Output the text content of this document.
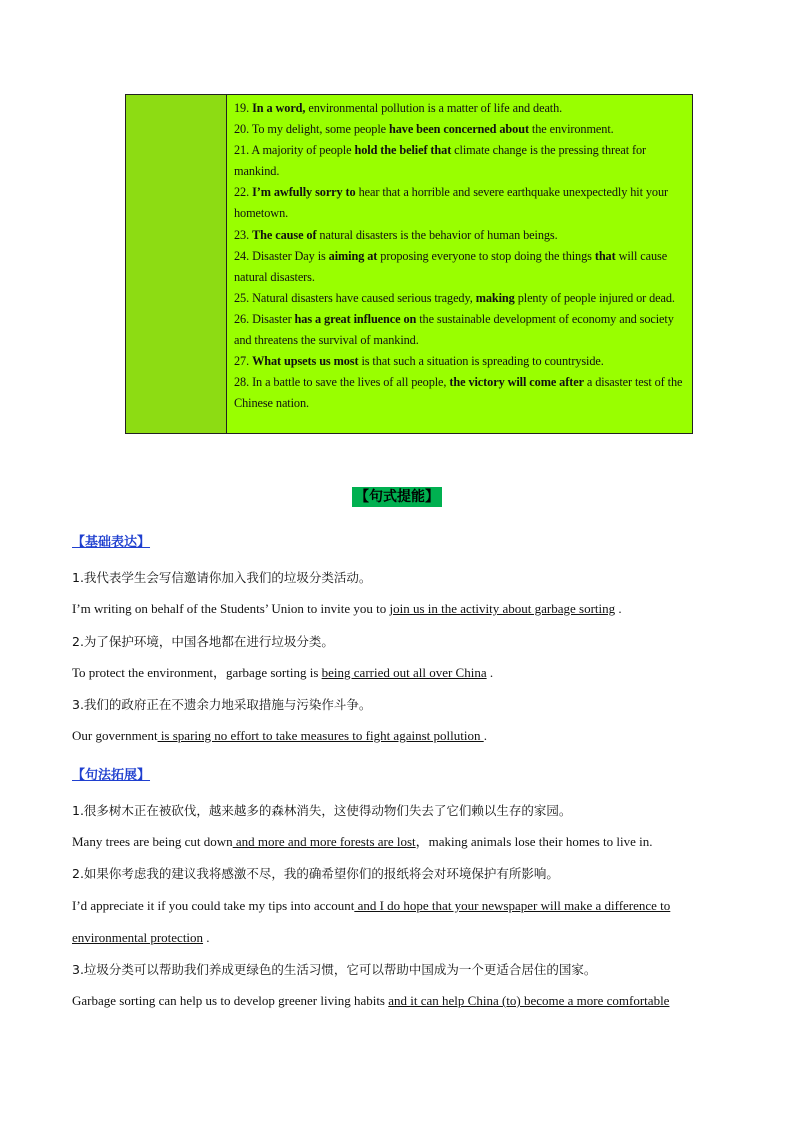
19. In a word, environmental pollution is a matter of life and death.

20. To my delight, some people have been concerned about the environment.

21. A majority of people hold the belief that climate change is the pressing threat for mankind.

22. I’m awfully sorry to hear that a horrible and severe earthquake unexpectedly hit your hometown.

23. The cause of natural disasters is the behavior of human beings.

24. Disaster Day is aiming at proposing everyone to stop doing the things that will cause natural disasters.

25. Natural disasters have caused serious tragedy, making plenty of people injured or dead.

26. Disaster has a great influence on the sustainable development of economy and society and threatens the survival of mankind.

27. What upsets us most is that such a situation is spreading to countryside.

28. In a battle to save the lives of all people, the victory will come after a disaster test of the Chinese nation.

【句式提能】
【基础表达】
1.我代表学生会写信邀请你加入我们的垃圾分类活动。
I’m writing on behalf of the Students’ Union to invite you to join us in the activity about garbage sorting .
2.为了保护环境，中国各地都在进行垃圾分类。
To protect the environment，garbage sorting is being carried out all over China .
3.我们的政府正在不遗余力地采取措施与污染作斗争。
Our government is sparing no effort to take measures to fight against pollution .
【句法拓展】
1.很多树木正在被砍伐，越来越多的森林消失，这使得动物们失去了它们赖以生存的家园。
Many trees are being cut down and more and more forests are lost，making animals lose their homes to live in.
2.如果你考虑我的建议我将感激不尽，我的确希望你们的报纸将会对环境保护有所影响。
I’d appreciate it if you could take my tips into account and I do hope that your newspaper will make a difference to environmental protection .
3.垃圾分类可以帮助我们养成更绿色的生活习惯，它可以帮助中国成为一个更适合居住的国家。
Garbage sorting can help us to develop greener living habits and it can help China (to) become a more comfortable
